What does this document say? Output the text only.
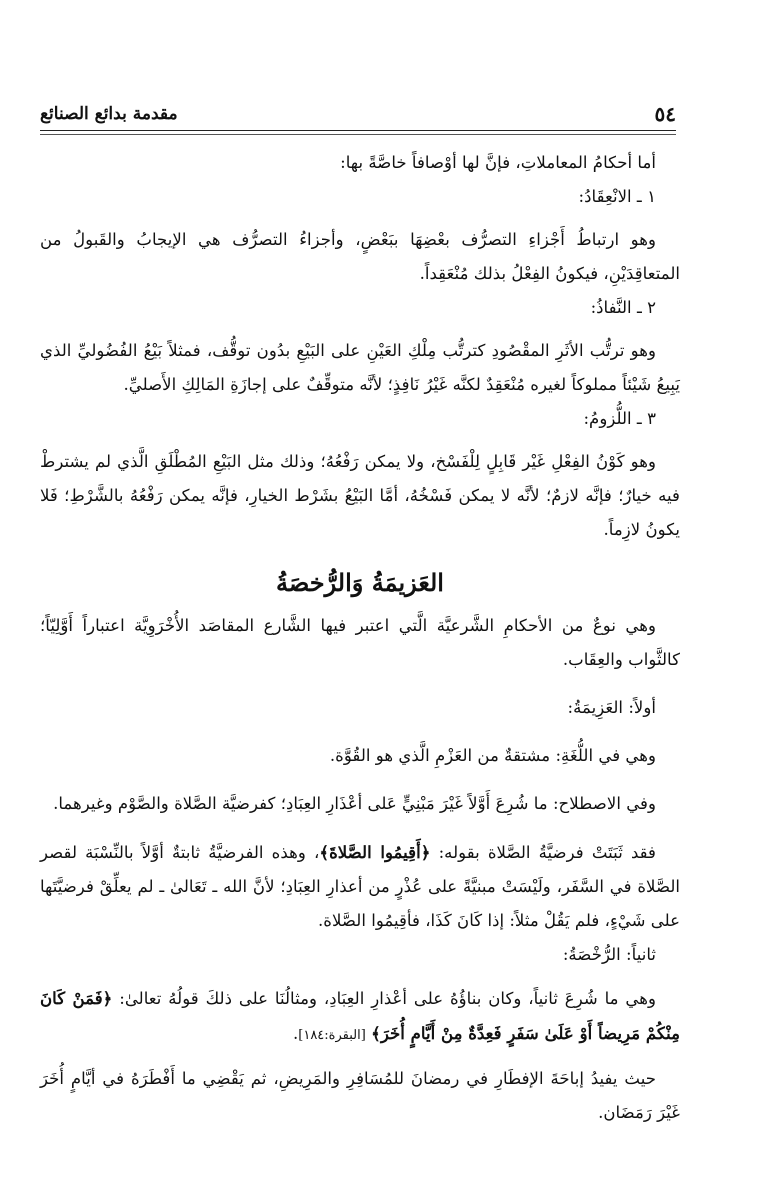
٥٤
مقدمة بدائع الصنائع

أما أحكامُ المعاملاتِ، فإنَّ لها أوْصافاً خاصَّةً بها:

١ ـ الانْعِقَادُ:

وهو ارتباطُ أَجْزاءِ التصرُّف بعْضِهَا ببَعْضٍ، وأجزاءُ التصرُّف هي الإيجابُ والقَبولُ من المتعاقِدَيْنِ، فيكونُ الفِعْلُ بذلك مُنْعَقِداً.

٢ ـ النَّفاذُ:

وهو ترتُّب الأثَرِ المقْصُودِ كترتُّب مِلْكِ العَيْنِ على البَيْعِ بدُون توقُّف، فمثلاً بَيْعُ الفُضُوليِّ الذي يَبِيعُ شَيْئاً مملوكاً لغيره مُنْعَقِدٌ لكنَّه غَيْرُ نَافِذٍ؛ لأنَّه متوقِّفٌ على إجازَةِ المَالِكِ الأَصليِّ.

٣ ـ اللُّزومُ:

وهو كَوْنُ الفِعْلِ غَيْر قَابِلٍ لِلْفَسْخ، ولا يمكن رَفْعُهُ؛ وذلك مثل البَيْعِ المُطْلَقِ الَّذي لم يشترطْ فيه خيارٌ؛ فإنَّه لازمٌ؛ لأنَّه لا يمكن فَسْخُهُ، أمَّا البَيْعُ بشَرْط الخيارِ، فإنَّه يمكن رَفْعُهُ بالشَّرْطِ؛ فَلا يكونُ لازِماً.

العَزيمَةُ وَالرُّخصَةُ

وهي نوعٌ من الأحكامِ الشَّرعيَّة الَّتي اعتبر فيها الشَّارع المقاصَد الأُخْرَوِيَّة اعتباراً أَوَّلِيّاً؛ كالثَّواب والعِقَاب.

أولاً: العَزِيمَةُ:

وهي في اللُّغَةِ: مشتقةٌ من العَزْمِ الَّذي هو القُوَّة.

وفي الاصطلاح: ما شُرِعَ أَوَّلاً غَيْرَ مَبْنِيٍّ عَلى أعْذَارِ العِبَادِ؛ كفرضيَّة الصَّلاة والصَّوْم وغيرهما.

فقد ثَبَتَتْ فرضيَّةُ الصَّلاة بقوله: ﴿أَقِيمُوا الصَّلاةَ﴾، وهذه الفرضيَّةُ ثابتةٌ أوَّلاً بالنِّسْبَة لقصر الصَّلاة في السَّفَر، ولَيْسَتْ مبنيَّةً على عُذْرٍ من أعذارِ العِبَادِ؛ لأنَّ الله ـ تَعَالىٰ ـ لم يعلِّقْ فرضيَّتَها على شَيْءٍ، فلم يَقُلْ مثلاً: إذا كَانَ كَذَا، فأقِيمُوا الصَّلاة.

ثانياً: الرُّخْصَةُ:

وهي ما شُرِعَ ثانياً، وكان بناؤُهُ على أعْذارِ العِبَادِ، ومثالُنَا على ذلكَ قولُهُ تعالىٰ: ﴿فَمَنْ كَانَ مِنْكُمْ مَرِيضاً أَوْ عَلَىٰ سَفَرٍ فَعِدَّةٌ مِنْ أَيَّامٍ أُخَرَ﴾ [البقرة:١٨٤].

حيث يفيدُ إباحَةَ الإفطَارِ في رمضانَ للمُسَافِرِ والمَرِيضِ، ثم يَقْضِي ما أَفْطَرَهُ في أيَّامٍ أُخَرَ غَيْرَ رَمَضَان.
